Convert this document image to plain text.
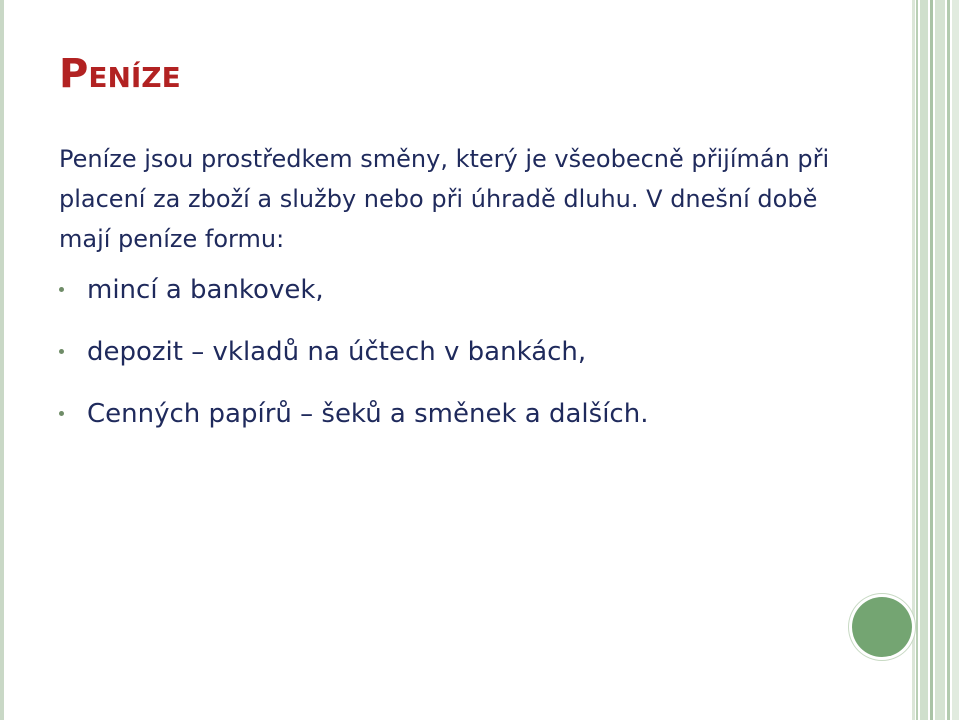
PENÍZE

Peníze jsou prostředkem směny, který je všeobecně přijímán při placení za zboží a služby nebo při úhradě dluhu. V dnešní době mají peníze formu:

mincí a bankovek,
depozit – vkladů na účtech v bankách,
Cenných papírů – šeků a směnek a dalších.
